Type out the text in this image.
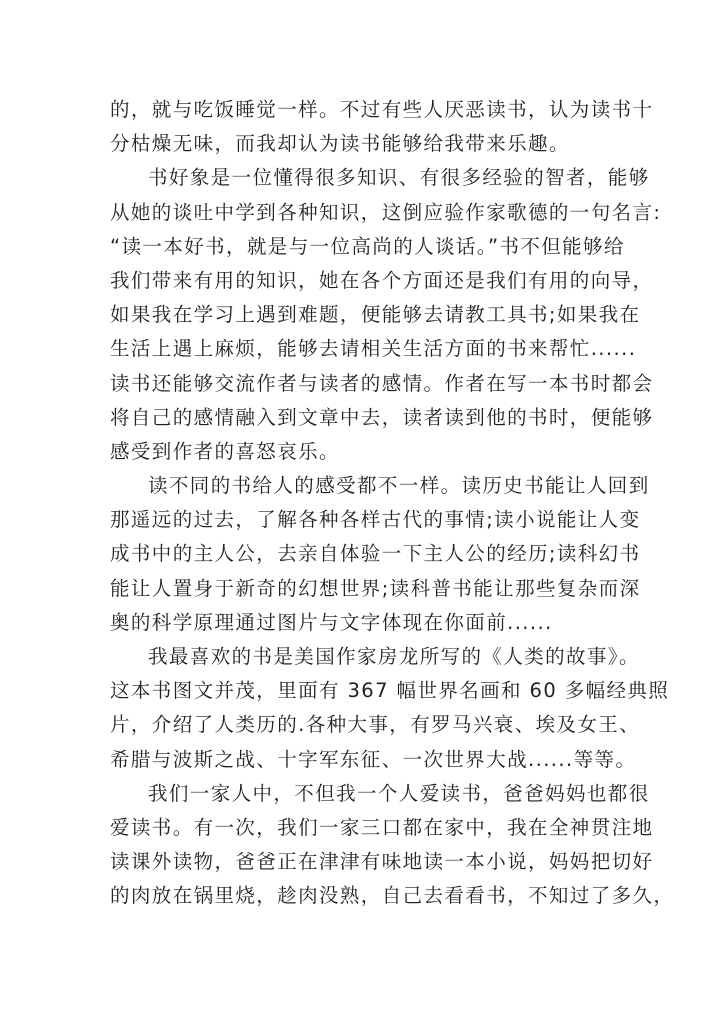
的，就与吃饭睡觉一样。不过有些人厌恶读书，认为读书十
分枯燥无味，而我却认为读书能够给我带来乐趣。
书好象是一位懂得很多知识、有很多经验的智者，能够
从她的谈吐中学到各种知识，这倒应验作家歌德的一句名言:
“读一本好书，就是与一位高尚的人谈话。”书不但能够给
我们带来有用的知识，她在各个方面还是我们有用的向导，
如果我在学习上遇到难题，便能够去请教工具书;如果我在
生活上遇上麻烦，能够去请相关生活方面的书来帮忙......
读书还能够交流作者与读者的感情。作者在写一本书时都会
将自己的感情融入到文章中去，读者读到他的书时，便能够
感受到作者的喜怒哀乐。
读不同的书给人的感受都不一样。读历史书能让人回到
那遥远的过去，了解各种各样古代的事情;读小说能让人变
成书中的主人公，去亲自体验一下主人公的经历;读科幻书
能让人置身于新奇的幻想世界;读科普书能让那些复杂而深
奥的科学原理通过图片与文字体现在你面前......
我最喜欢的书是美国作家房龙所写的《人类的故事》。
这本书图文并茂，里面有 367 幅世界名画和 60 多幅经典照
片，介绍了人类历的.各种大事，有罗马兴衰、埃及女王、
希腊与波斯之战、十字军东征、一次世界大战......等等。
我们一家人中，不但我一个人爱读书，爸爸妈妈也都很
爱读书。有一次，我们一家三口都在家中，我在全神贯注地
读课外读物，爸爸正在津津有味地读一本小说，妈妈把切好
的肉放在锅里烧，趁肉没熟，自己去看看书，不知过了多久，
